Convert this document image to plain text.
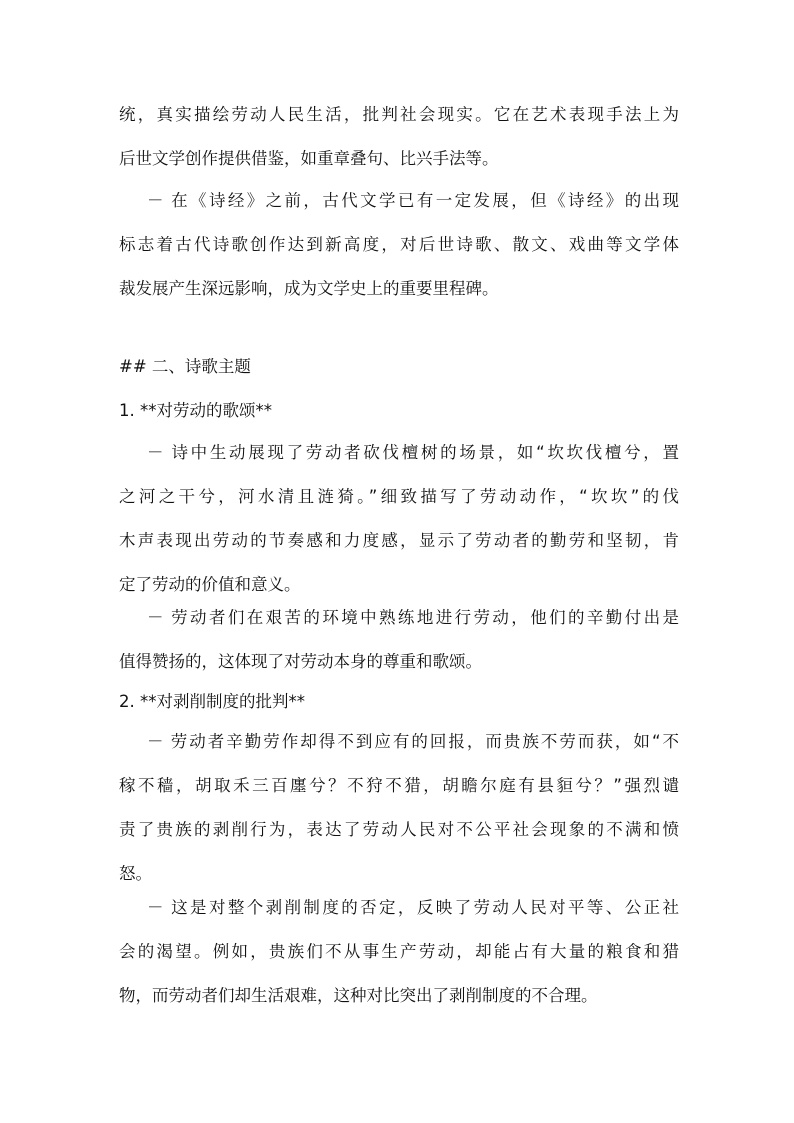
统，真实描绘劳动人民生活，批判社会现实。它在艺术表现手法上为
后世文学创作提供借鉴，如重章叠句、比兴手法等。
－ 在《诗经》之前，古代文学已有一定发展，但《诗经》的出现
标志着古代诗歌创作达到新高度，对后世诗歌、散文、戏曲等文学体
裁发展产生深远影响，成为文学史上的重要里程碑。
## 二、诗歌主题
1. **对劳动的歌颂**
－ 诗中生动展现了劳动者砍伐檀树的场景，如“坎坎伐檀兮，置
之河之干兮，河水清且涟猗。”细致描写了劳动动作，“坎坎”的伐
木声表现出劳动的节奏感和力度感，显示了劳动者的勤劳和坚韧，肯
定了劳动的价值和意义。
－ 劳动者们在艰苦的环境中熟练地进行劳动，他们的辛勤付出是
值得赞扬的，这体现了对劳动本身的尊重和歌颂。
2. **对剥削制度的批判**
－ 劳动者辛勤劳作却得不到应有的回报，而贵族不劳而获，如“不
稼不穑，胡取禾三百廛兮？不狩不猎，胡瞻尔庭有县貆兮？”强烈谴
责了贵族的剥削行为，表达了劳动人民对不公平社会现象的不满和愤
怒。
－ 这是对整个剥削制度的否定，反映了劳动人民对平等、公正社
会的渴望。例如，贵族们不从事生产劳动，却能占有大量的粮食和猎
物，而劳动者们却生活艰难，这种对比突出了剥削制度的不合理。
